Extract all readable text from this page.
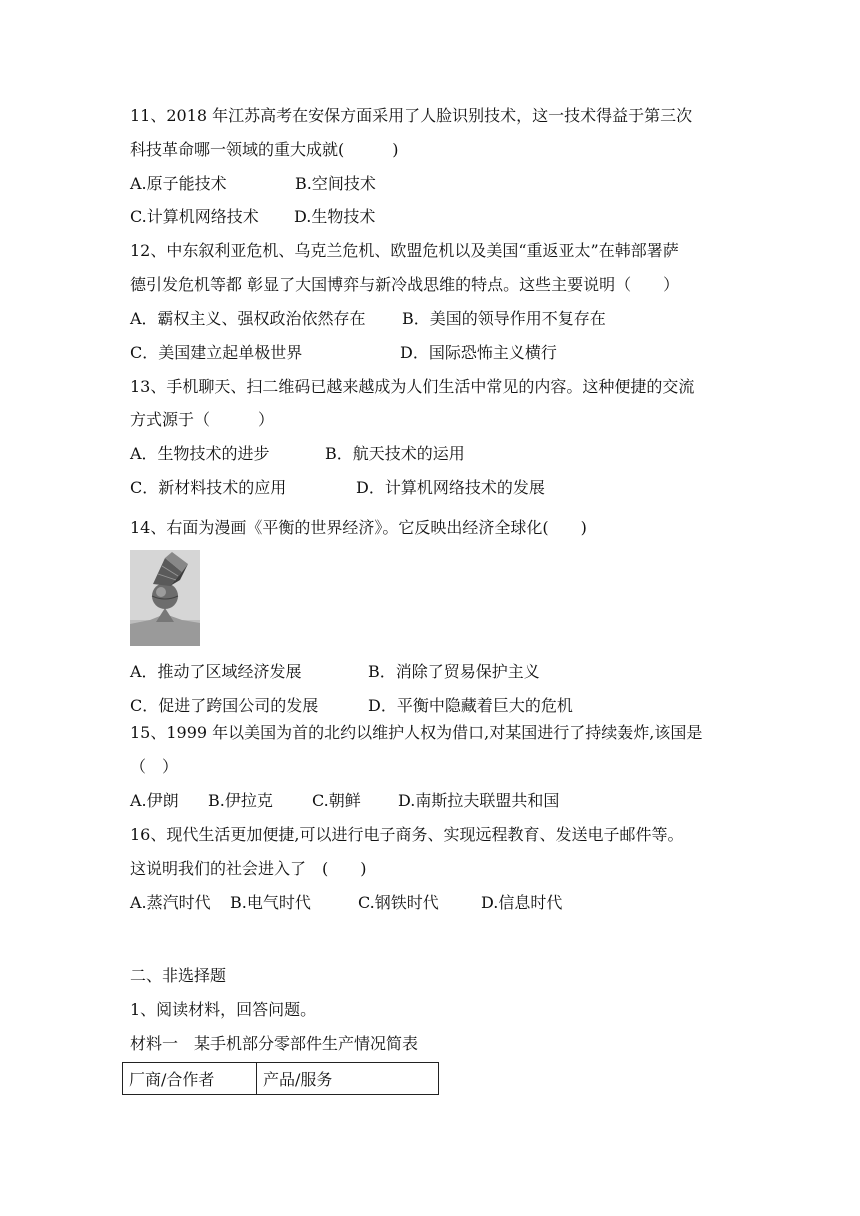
11、2018 年江苏高考在安保方面采用了人脸识别技术，这一技术得益于第三次
科技革命哪一领域的重大成就(　　　)
A.原子能技术	B.空间技术
C.计算机网络技术 D.生物技术
12、中东叙利亚危机、乌克兰危机、欧盟危机以及美国“重返亚太”在韩部署萨
德引发危机等都 彰显了大国博弈与新冷战思维的特点。这些主要说明（　　）
A．霸权主义、强权政治依然存在 B．美国的领导作用不复存在
C．美国建立起单极世界	D．国际恐怖主义横行
13、手机聊天、扫二维码已越来越成为人们生活中常见的内容。这种便捷的交流
方式源于（　　　）
A．生物技术的进步	B．航天技术的运用
C．新材料技术的应用	D．计算机网络技术的发展
14、右面为漫画《平衡的世界经济》。它反映出经济全球化(　　)
A．推动了区域经济发展	B．消除了贸易保护主义
C．促进了跨国公司的发展	D．平衡中隐藏着巨大的危机
15、1999 年以美国为首的北约以维护人权为借口,对某国进行了持续轰炸,该国是
（　）
A.伊朗 B.伊拉克 C.朝鲜 D.南斯拉夫联盟共和国
16、现代生活更加便捷,可以进行电子商务、实现远程教育、发送电子邮件等。
这说明我们的社会进入了　(　　)
A.蒸汽时代 B.电气时代	C.钢铁时代	D.信息时代
二、非选择题
1、阅读材料，回答问题。
材料一　某手机部分零部件生产情况简表
厂商/合作者	产品/服务
